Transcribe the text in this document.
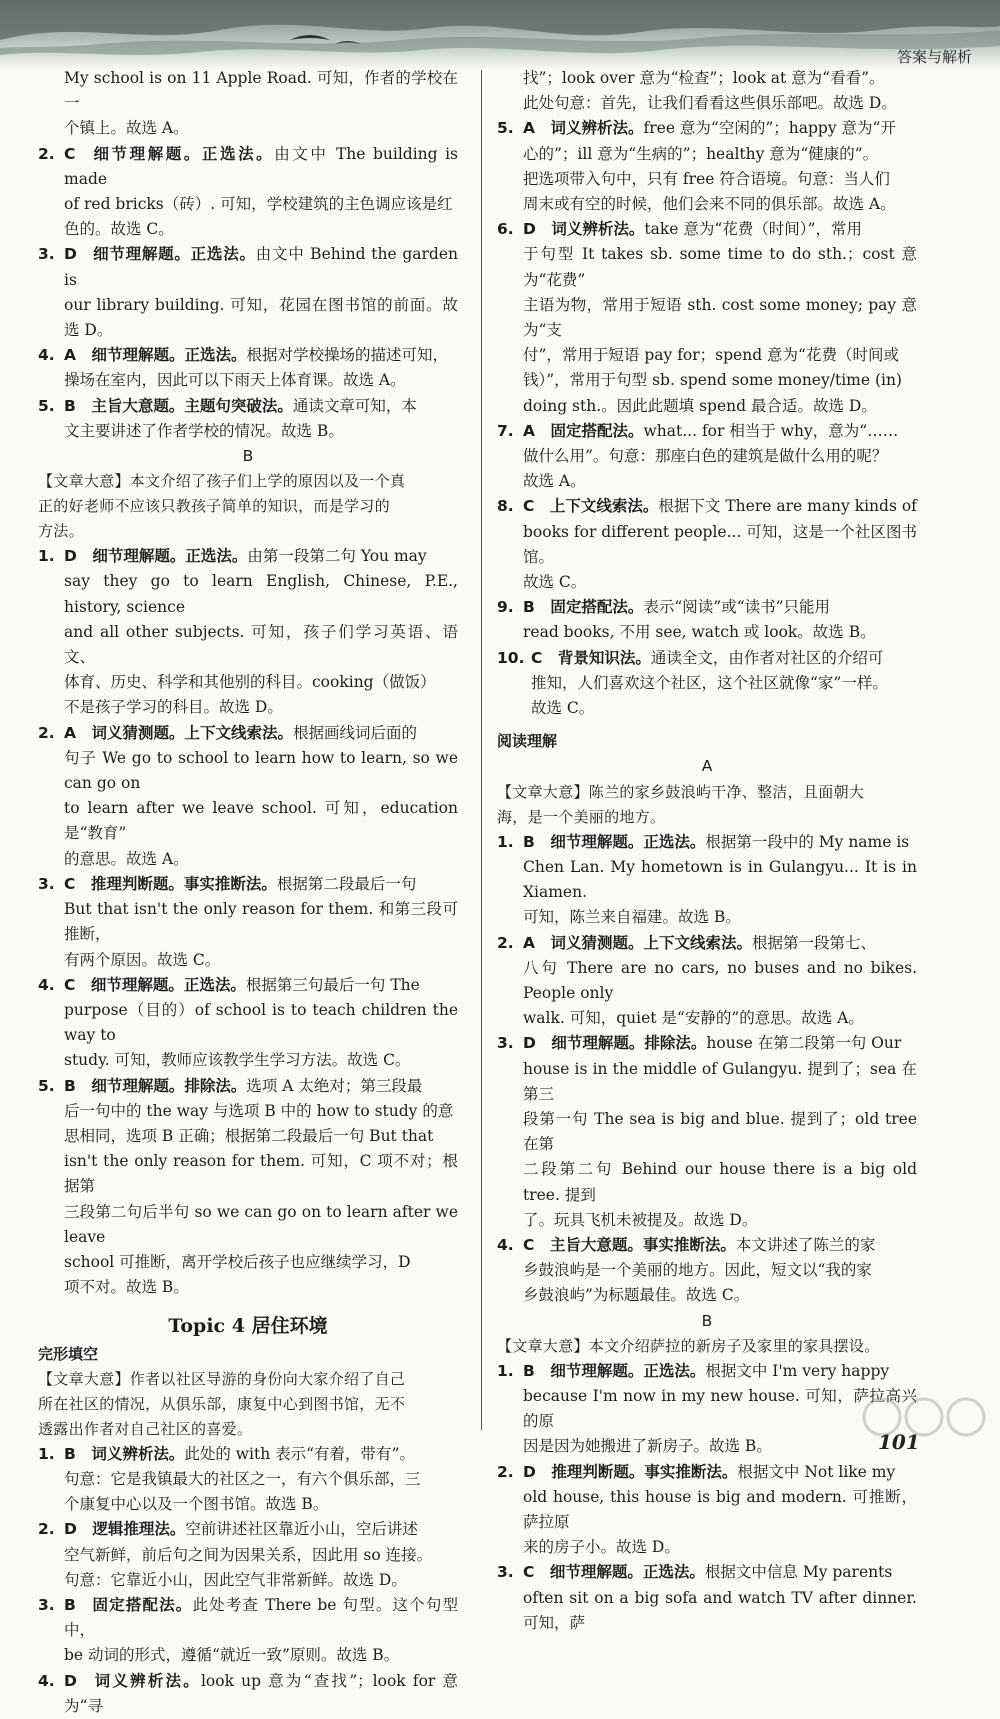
答案与解析
My school is on 11 Apple Road. 可知，作者的学校在一
个镇上。故选 A。
2. C  细节理解题。正选法。由文中 The building is made
of red bricks（砖）. 可知，学校建筑的主色调应该是红
色的。故选 C。
3. D  细节理解题。正选法。由文中 Behind the garden is
our library building. 可知，花园在图书馆的前面。故选 D。
4. A  细节理解题。正选法。根据对学校操场的描述可知，
操场在室内，因此可以下雨天上体育课。故选 A。
5. B  主旨大意题。主题句突破法。通读文章可知，本
文主要讲述了作者学校的情况。故选 B。
B
【文章大意】本文介绍了孩子们上学的原因以及一个真
正的好老师不应该只教孩子简单的知识，而是学习的
方法。
1. D  细节理解题。正选法。由第一段第二句 You may
say they go to learn English, Chinese, P.E., history, science
and all other subjects. 可知，孩子们学习英语、语文、
体育、历史、科学和其他别的科目。cooking（做饭）
不是孩子学习的科目。故选 D。
2. A  词义猜测题。上下文线索法。根据画线词后面的
句子 We go to school to learn how to learn, so we can go on
to learn after we leave school. 可知，education 是“教育”
的意思。故选 A。
3. C  推理判断题。事实推断法。根据第二段最后一句
But that isn't the only reason for them. 和第三段可推断，
有两个原因。故选 C。
4. C  细节理解题。正选法。根据第三句最后一句 The
purpose（目的）of school is to teach children the way to
study. 可知，教师应该教学生学习方法。故选 C。
5. B  细节理解题。排除法。选项 A 太绝对；第三段最
后一句中的 the way 与选项 B 中的 how to study 的意
思相同，选项 B 正确；根据第二段最后一句 But that
isn't the only reason for them. 可知，C 项不对；根据第
三段第二句后半句 so we can go on to learn after we leave
school 可推断，离开学校后孩子也应继续学习，D
项不对。故选 B。
Topic 4 居住环境
完形填空
【文章大意】作者以社区导游的身份向大家介绍了自己
所在社区的情况，从俱乐部，康复中心到图书馆，无不
透露出作者对自己社区的喜爱。
1. B  词义辨析法。此处的 with 表示“有着，带有”。
句意：它是我镇最大的社区之一，有六个俱乐部，三
个康复中心以及一个图书馆。故选 B。
2. D  逻辑推理法。空前讲述社区靠近小山，空后讲述
空气新鲜，前后句之间为因果关系，因此用 so 连接。
句意：它靠近小山，因此空气非常新鲜。故选 D。
3. B  固定搭配法。此处考查 There be 句型。这个句型中，
be 动词的形式，遵循“就近一致”原则。故选 B。
4. D  词义辨析法。look up 意为“查找”；look for 意为“寻
找”；look over 意为“检查”；look at 意为“看看”。
此处句意：首先，让我们看看这些俱乐部吧。故选 D。
5. A  词义辨析法。free 意为“空闲的”；happy 意为“开
心的”；ill 意为“生病的”；healthy 意为“健康的”。
把选项带入句中，只有 free 符合语境。句意：当人们
周末或有空的时候，他们会来不同的俱乐部。故选 A。
6. D  词义辨析法。take 意为“花费（时间）”，常用
于句型 It takes sb. some time to do sth.；cost 意为“花费”
主语为物，常用于短语 sth. cost some money; pay 意为“支
付”，常用于短语 pay for；spend 意为“花费（时间或
钱）”，常用于句型 sb. spend some money/time (in)
doing sth.。因此此题填 spend 最合适。故选 D。
7. A  固定搭配法。what... for 相当于 why，意为“……
做什么用”。句意：那座白色的建筑是做什么用的呢？
故选 A。
8. C  上下文线索法。根据下文 There are many kinds of
books for different people... 可知，这是一个社区图书馆。
故选 C。
9. B  固定搭配法。表示“阅读”或“读书”只能用
read books, 不用 see, watch 或 look。故选 B。
10. C  背景知识法。通读全文，由作者对社区的介绍可
推知，人们喜欢这个社区，这个社区就像“家”一样。
故选 C。
阅读理解
A
【文章大意】陈兰的家乡鼓浪屿干净、整洁，且面朝大
海，是一个美丽的地方。
1. B  细节理解题。正选法。根据第一段中的 My name is
Chen Lan. My hometown is in Gulangyu... It is in Xiamen.
可知，陈兰来自福建。故选 B。
2. A  词义猜测题。上下文线索法。根据第一段第七、
八句 There are no cars, no buses and no bikes. People only
walk. 可知，quiet 是“安静的”的意思。故选 A。
3. D  细节理解题。排除法。house 在第二段第一句 Our
house is in the middle of Gulangyu. 提到了；sea 在第三
段第一句 The sea is big and blue. 提到了；old tree 在第
二段第二句 Behind our house there is a big old tree. 提到
了。玩具飞机未被提及。故选 D。
4. C  主旨大意题。事实推断法。本文讲述了陈兰的家
乡鼓浪屿是一个美丽的地方。因此，短文以“我的家
乡鼓浪屿”为标题最佳。故选 C。
B
【文章大意】本文介绍萨拉的新房子及家里的家具摆设。
1. B  细节理解题。正选法。根据文中 I'm very happy
because I'm now in my new house. 可知，萨拉高兴的原
因是因为她搬进了新房子。故选 B。
2. D  推理判断题。事实推断法。根据文中 Not like my
old house, this house is big and modern. 可推断，萨拉原
来的房子小。故选 D。
3. C  细节理解题。正选法。根据文中信息 My parents
often sit on a big sofa and watch TV after dinner. 可知，萨
101
